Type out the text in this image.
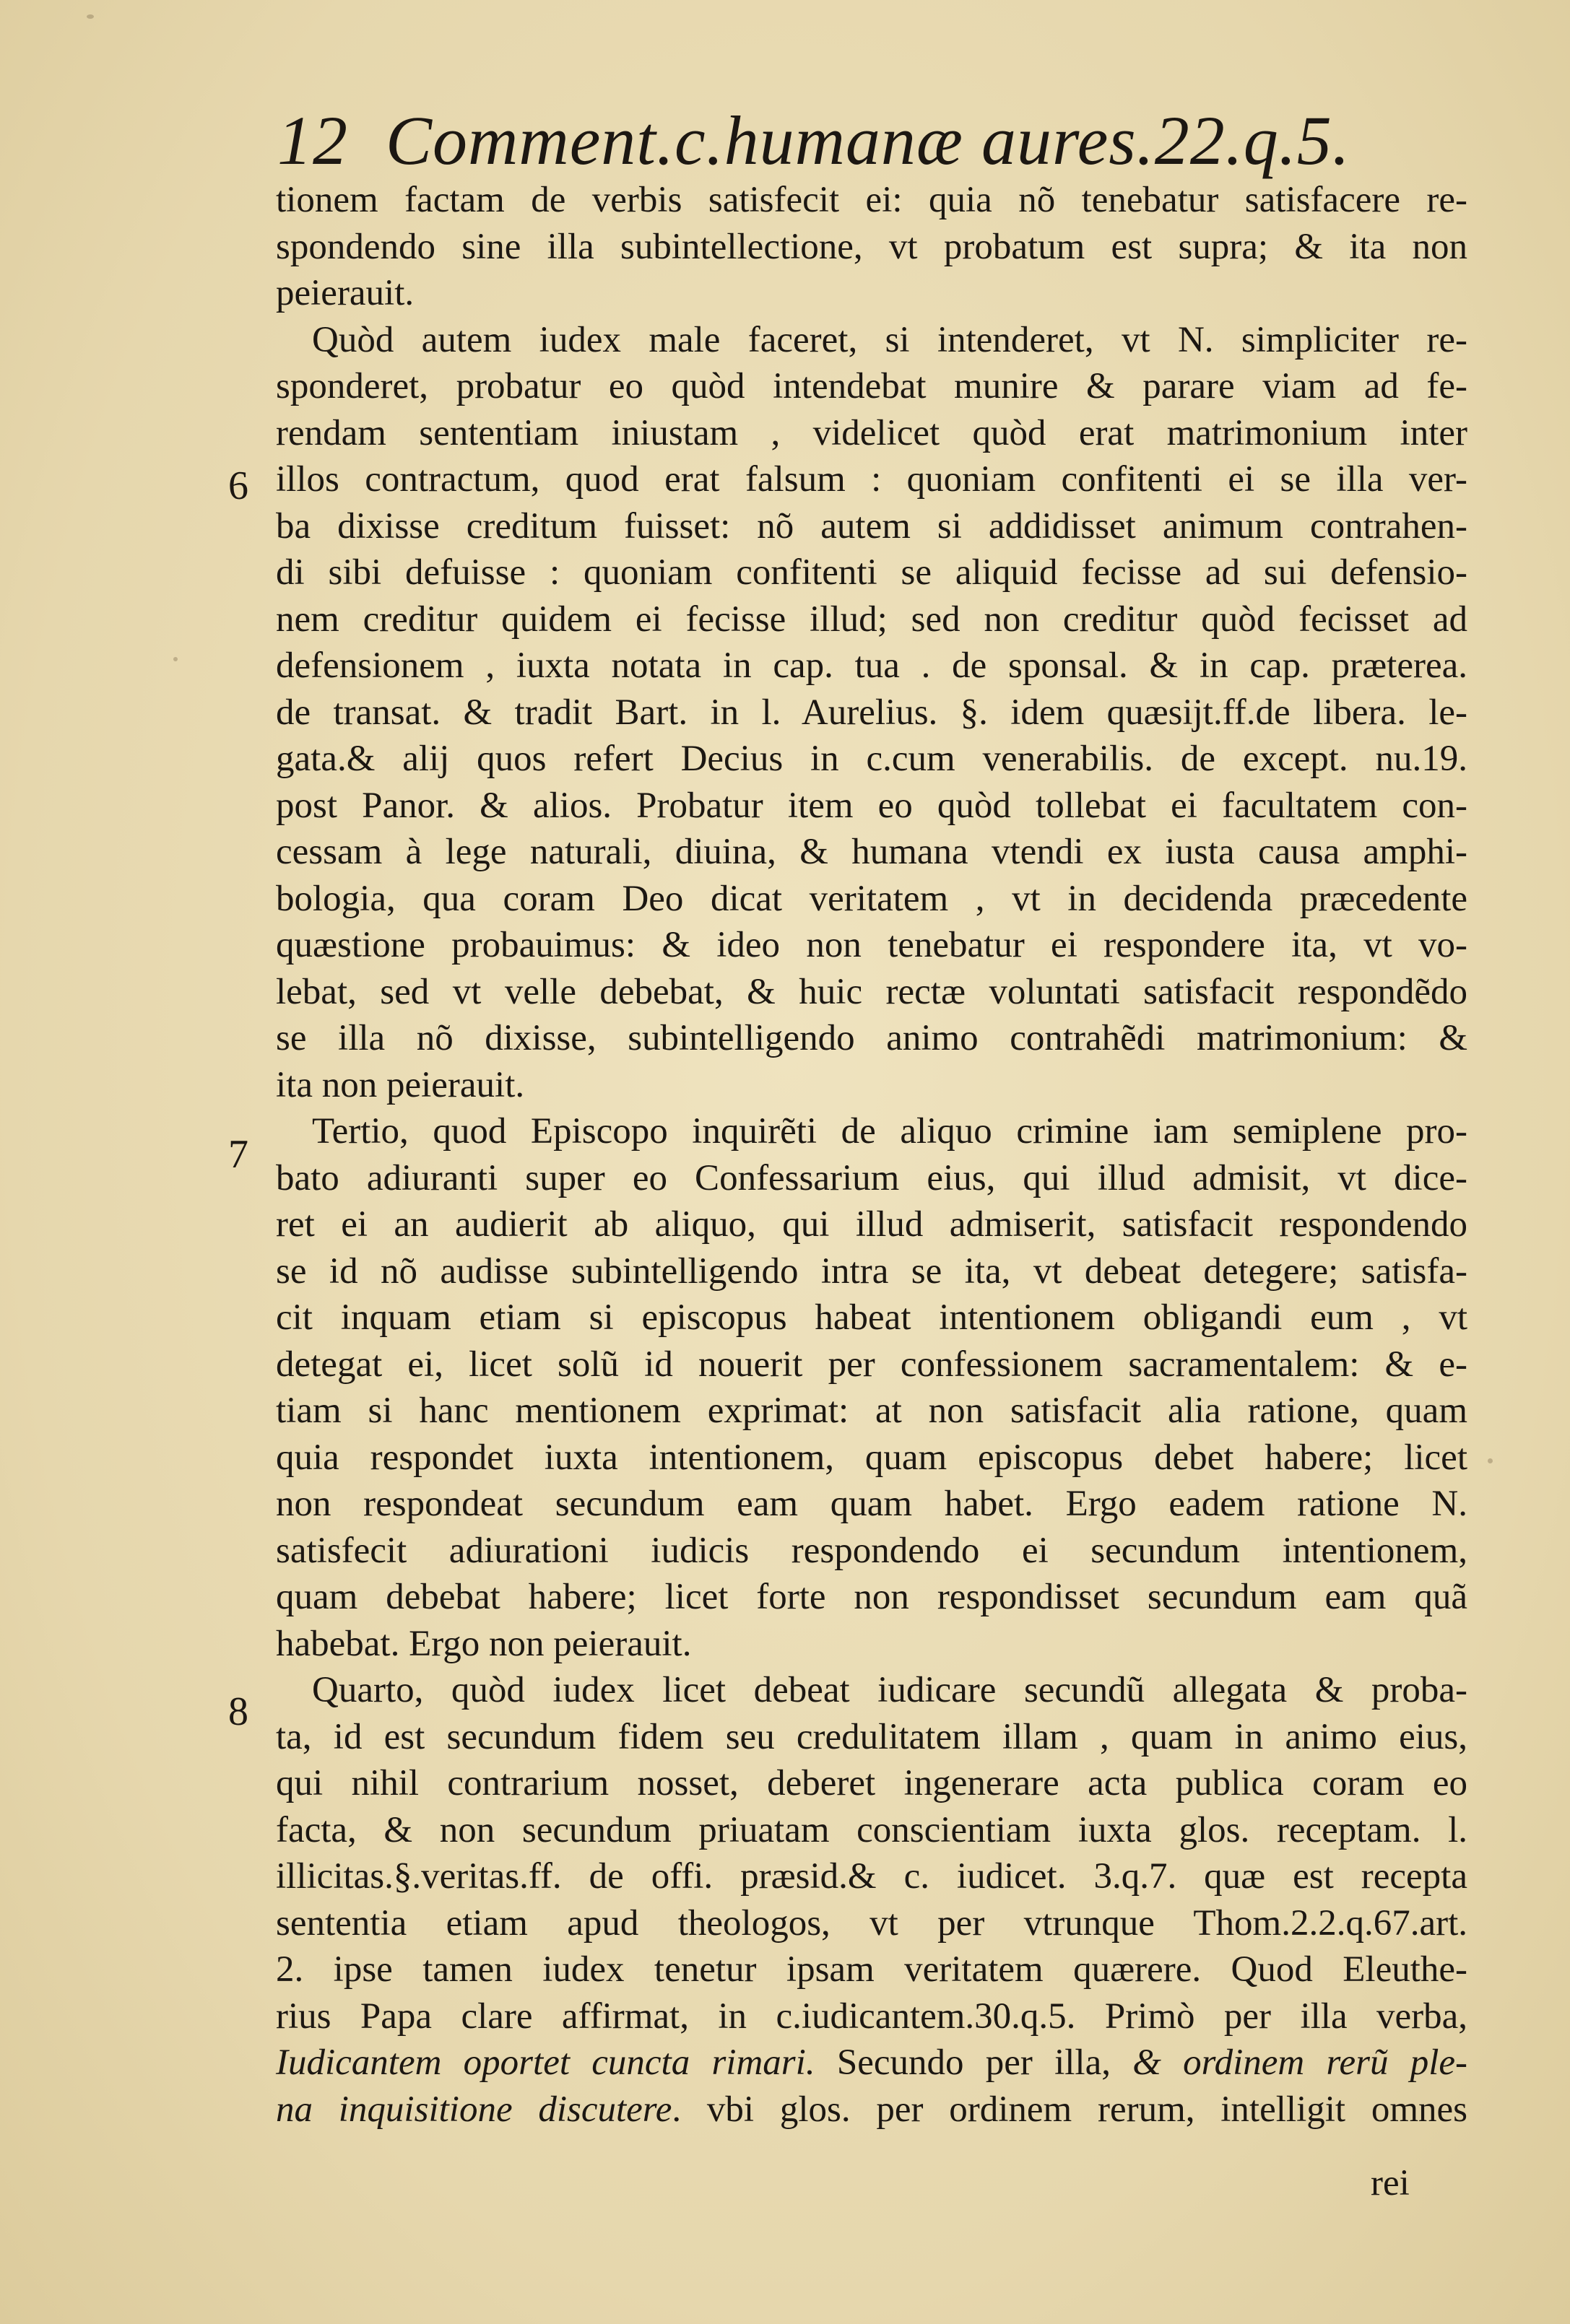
12 Comment.c.humanæ aures.22.q.5.
6
7
8
tionem factam de verbis satisfecit ei: quia nõ tenebatur satisfacere re-
spondendo sine illa subintellectione, vt probatum est supra; & ita non
peierauit.
Quòd autem iudex male faceret, si intenderet, vt N. simpliciter re-
sponderet, probatur eo quòd intendebat munire & parare viam ad fe-
rendam sententiam iniustam , videlicet quòd erat matrimonium inter
illos contractum, quod erat falsum : quoniam confitenti ei se illa ver-
ba dixisse creditum fuisset: nõ autem si addidisset animum contrahen-
di sibi defuisse : quoniam confitenti se aliquid fecisse ad sui defensio-
nem creditur quidem ei fecisse illud; sed non creditur quòd fecisset ad
defensionem , iuxta notata in cap. tua . de sponsal. & in cap. præterea.
de transat. & tradit Bart. in l. Aurelius. §. idem quæsijt.ff.de libera. le-
gata.& alij quos refert Decius in c.cum venerabilis. de except. nu.19.
post Panor. & alios. Probatur item eo quòd tollebat ei facultatem con-
cessam à lege naturali, diuina, & humana vtendi ex iusta causa amphi-
bologia, qua coram Deo dicat veritatem , vt in decidenda præcedente
quæstione probauimus: & ideo non tenebatur ei respondere ita, vt vo-
lebat, sed vt velle debebat, & huic rectæ voluntati satisfacit respondẽdo
se illa nõ dixisse, subintelligendo animo contrahẽdi matrimonium: &
ita non peierauit.
Tertio, quod Episcopo inquirẽti de aliquo crimine iam semiplene pro-
bato adiuranti super eo Confessarium eius, qui illud admisit, vt dice-
ret ei an audierit ab aliquo, qui illud admiserit, satisfacit respondendo
se id nõ audisse subintelligendo intra se ita, vt debeat detegere; satisfa-
cit inquam etiam si episcopus habeat intentionem obligandi eum , vt
detegat ei, licet solũ id nouerit per confessionem sacramentalem: & e-
tiam si hanc mentionem exprimat: at non satisfacit alia ratione, quam
quia respondet iuxta intentionem, quam episcopus debet habere; licet
non respondeat secundum eam quam habet. Ergo eadem ratione N.
satisfecit adiurationi iudicis respondendo ei secundum intentionem,
quam debebat habere; licet forte non respondisset secundum eam quã
habebat. Ergo non peierauit.
Quarto, quòd iudex licet debeat iudicare secundũ allegata & proba-
ta, id est secundum fidem seu credulitatem illam , quam in animo eius,
qui nihil contrarium nosset, deberet ingenerare acta publica coram eo
facta, & non secundum priuatam conscientiam iuxta glos. receptam. l.
illicitas.§.veritas.ff. de offi. præsid.& c. iudicet. 3.q.7. quæ est recepta
sententia etiam apud theologos, vt per vtrunque Thom.2.2.q.67.art.
2. ipse tamen iudex tenetur ipsam veritatem quærere. Quod Eleuthe-
rius Papa clare affirmat, in c.iudicantem.30.q.5. Primò per illa verba,
Iudicantem oportet cuncta rimari. Secundo per illa, & ordinem rerũ ple-
na inquisitione discutere. vbi glos. per ordinem rerum, intelligit omnes
rei
